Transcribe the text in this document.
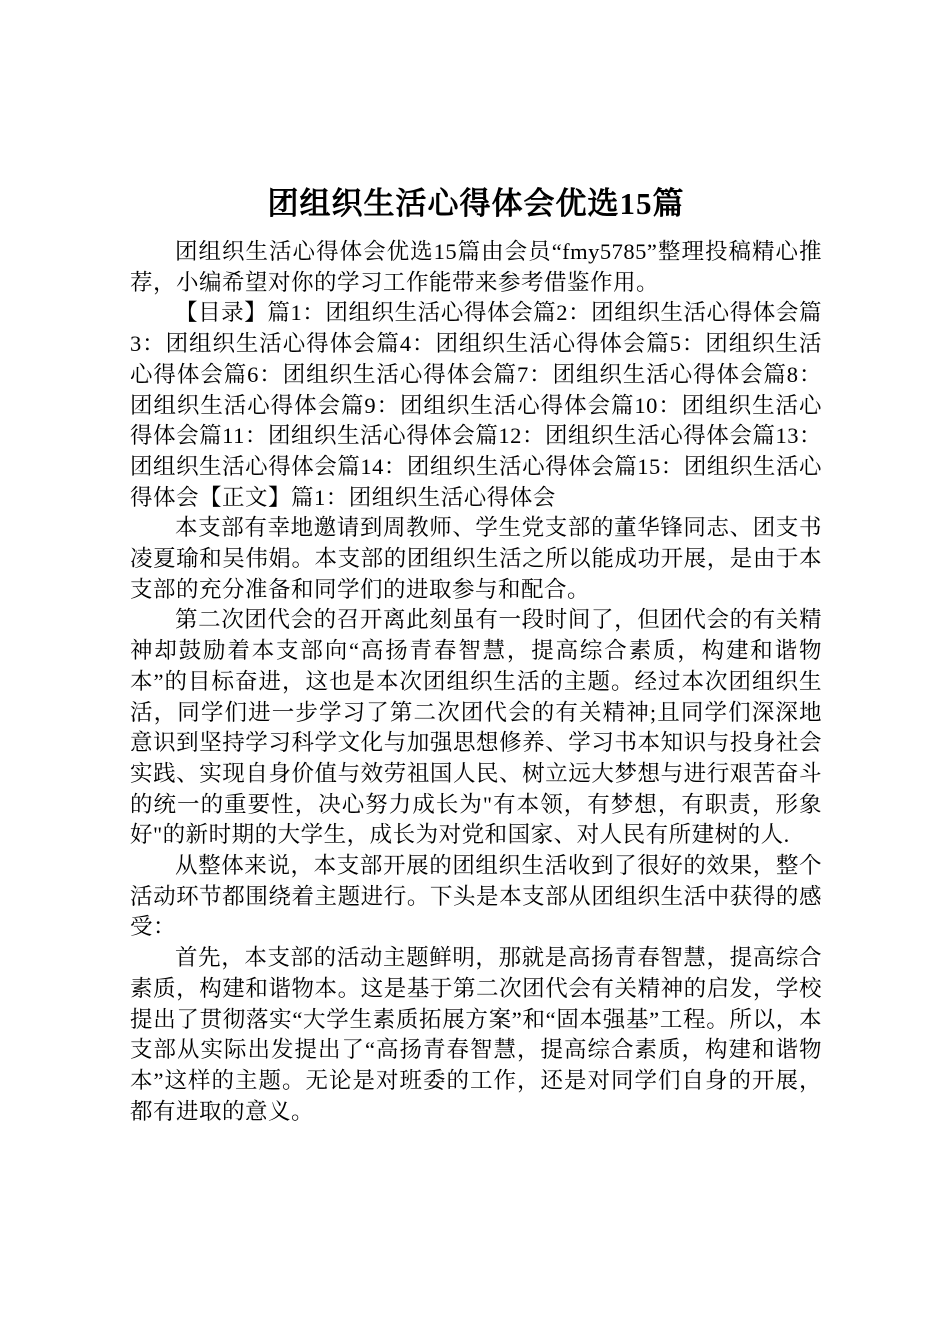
团组织生活心得体会优选15篇

团组织生活心得体会优选15篇由会员“fmy5785”整理投稿精心推荐，小编希望对你的学习工作能带来参考借鉴作用。

【目录】篇1：团组织生活心得体会篇2：团组织生活心得体会篇3：团组织生活心得体会篇4：团组织生活心得体会篇5：团组织生活心得体会篇6：团组织生活心得体会篇7：团组织生活心得体会篇8：团组织生活心得体会篇9：团组织生活心得体会篇10：团组织生活心得体会篇11：团组织生活心得体会篇12：团组织生活心得体会篇13：团组织生活心得体会篇14：团组织生活心得体会篇15：团组织生活心得体会【正文】篇1：团组织生活心得体会

本支部有幸地邀请到周教师、学生党支部的董华锋同志、团支书凌夏瑜和吴伟娟。本支部的团组织生活之所以能成功开展，是由于本支部的充分准备和同学们的进取参与和配合。

第二次团代会的召开离此刻虽有一段时间了，但团代会的有关精神却鼓励着本支部向“高扬青春智慧，提高综合素质，构建和谐物本”的目标奋进，这也是本次团组织生活的主题。经过本次团组织生活，同学们进一步学习了第二次团代会的有关精神;且同学们深深地意识到坚持学习科学文化与加强思想修养、学习书本知识与投身社会实践、实现自身价值与效劳祖国人民、树立远大梦想与进行艰苦奋斗的统一的重要性，决心努力成长为"有本领，有梦想，有职责，形象好"的新时期的大学生，成长为对党和国家、对人民有所建树的人.

从整体来说，本支部开展的团组织生活收到了很好的效果，整个活动环节都围绕着主题进行。下头是本支部从团组织生活中获得的感受：

首先，本支部的活动主题鲜明，那就是高扬青春智慧，提高综合素质，构建和谐物本。这是基于第二次团代会有关精神的启发，学校提出了贯彻落实“大学生素质拓展方案”和“固本强基”工程。所以，本支部从实际出发提出了“高扬青春智慧，提高综合素质，构建和谐物本”这样的主题。无论是对班委的工作，还是对同学们自身的开展，都有进取的意义。
